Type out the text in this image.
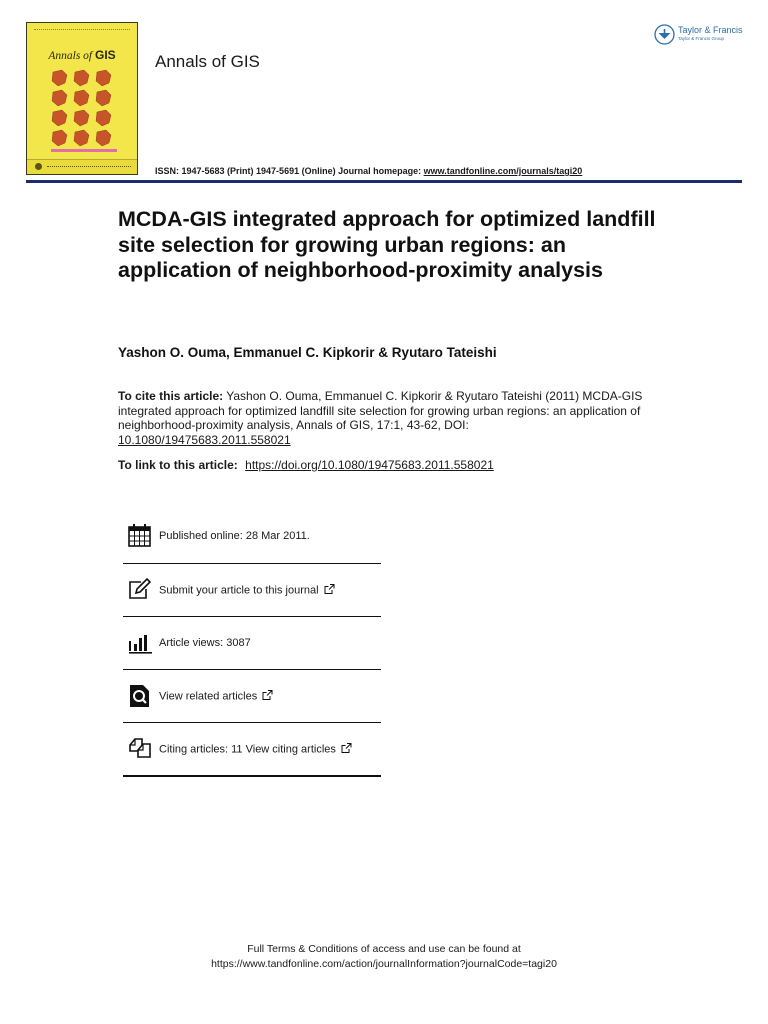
Annals of GIS	Annals of GIS
Taylor & Francis
Taylor & Francis Group
ISSN: 1947-5683 (Print) 1947-5691 (Online) Journal homepage: www.tandfonline.com/journals/tagi20
MCDA-GIS integrated approach for optimized landfill site selection for growing urban regions: an application of neighborhood-proximity analysis
Yashon O. Ouma, Emmanuel C. Kipkorir & Ryutaro Tateishi
To cite this article: Yashon O. Ouma, Emmanuel C. Kipkorir & Ryutaro Tateishi (2011) MCDA-GIS integrated approach for optimized landfill site selection for growing urban regions: an application of neighborhood-proximity analysis, Annals of GIS, 17:1, 43-62, DOI: 10.1080/19475683.2011.558021
To link to this article: https://doi.org/10.1080/19475683.2011.558021
Published online: 28 Mar 2011.
Submit your article to this journal
Article views: 3087
View related articles
Citing articles: 11 View citing articles
Full Terms & Conditions of access and use can be found at
https://www.tandfonline.com/action/journalInformation?journalCode=tagi20
